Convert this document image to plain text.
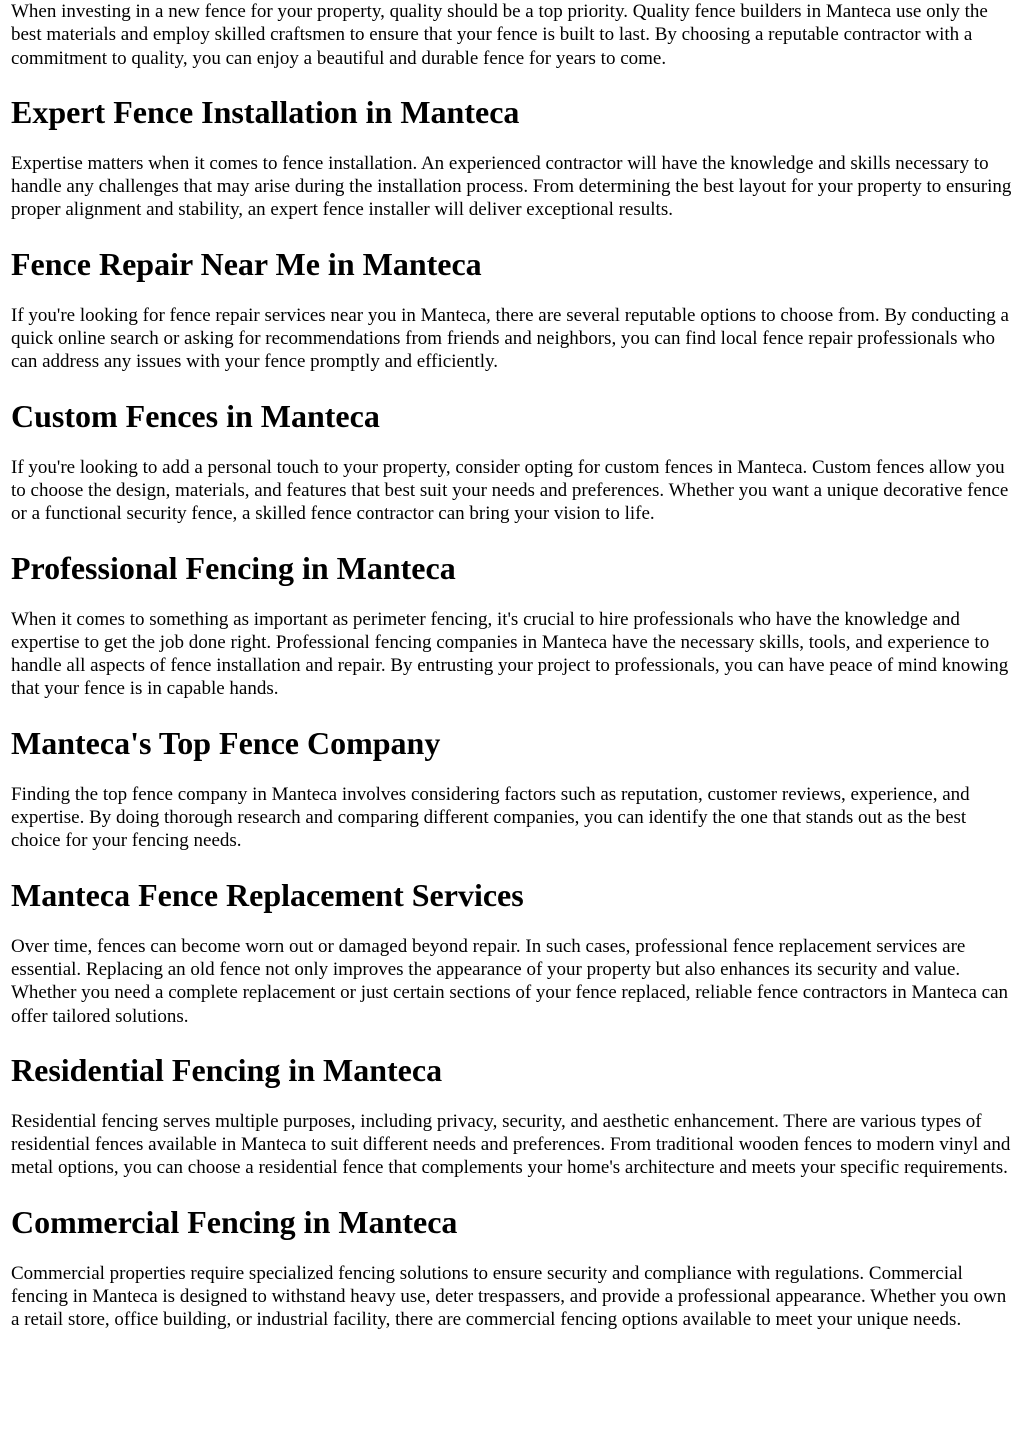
When investing in a new fence for your property, quality should be a top priority. Quality fence builders in Manteca use only the best materials and employ skilled craftsmen to ensure that your fence is built to last. By choosing a reputable contractor with a commitment to quality, you can enjoy a beautiful and durable fence for years to come.

Expert Fence Installation in Manteca

Expertise matters when it comes to fence installation. An experienced contractor will have the knowledge and skills necessary to handle any challenges that may arise during the installation process. From determining the best layout for your property to ensuring proper alignment and stability, an expert fence installer will deliver exceptional results.

Fence Repair Near Me in Manteca

If you're looking for fence repair services near you in Manteca, there are several reputable options to choose from. By conducting a quick online search or asking for recommendations from friends and neighbors, you can find local fence repair professionals who can address any issues with your fence promptly and efficiently.

Custom Fences in Manteca

If you're looking to add a personal touch to your property, consider opting for custom fences in Manteca. Custom fences allow you to choose the design, materials, and features that best suit your needs and preferences. Whether you want a unique decorative fence or a functional security fence, a skilled fence contractor can bring your vision to life.

Professional Fencing in Manteca

When it comes to something as important as perimeter fencing, it's crucial to hire professionals who have the knowledge and expertise to get the job done right. Professional fencing companies in Manteca have the necessary skills, tools, and experience to handle all aspects of fence installation and repair. By entrusting your project to professionals, you can have peace of mind knowing that your fence is in capable hands.

Manteca's Top Fence Company

Finding the top fence company in Manteca involves considering factors such as reputation, customer reviews, experience, and expertise. By doing thorough research and comparing different companies, you can identify the one that stands out as the best choice for your fencing needs.

Manteca Fence Replacement Services

Over time, fences can become worn out or damaged beyond repair. In such cases, professional fence replacement services are essential. Replacing an old fence not only improves the appearance of your property but also enhances its security and value. Whether you need a complete replacement or just certain sections of your fence replaced, reliable fence contractors in Manteca can offer tailored solutions.

Residential Fencing in Manteca

Residential fencing serves multiple purposes, including privacy, security, and aesthetic enhancement. There are various types of residential fences available in Manteca to suit different needs and preferences. From traditional wooden fences to modern vinyl and metal options, you can choose a residential fence that complements your home's architecture and meets your specific requirements.

Commercial Fencing in Manteca

Commercial properties require specialized fencing solutions to ensure security and compliance with regulations. Commercial fencing in Manteca is designed to withstand heavy use, deter trespassers, and provide a professional appearance. Whether you own a retail store, office building, or industrial facility, there are commercial fencing options available to meet your unique needs.
